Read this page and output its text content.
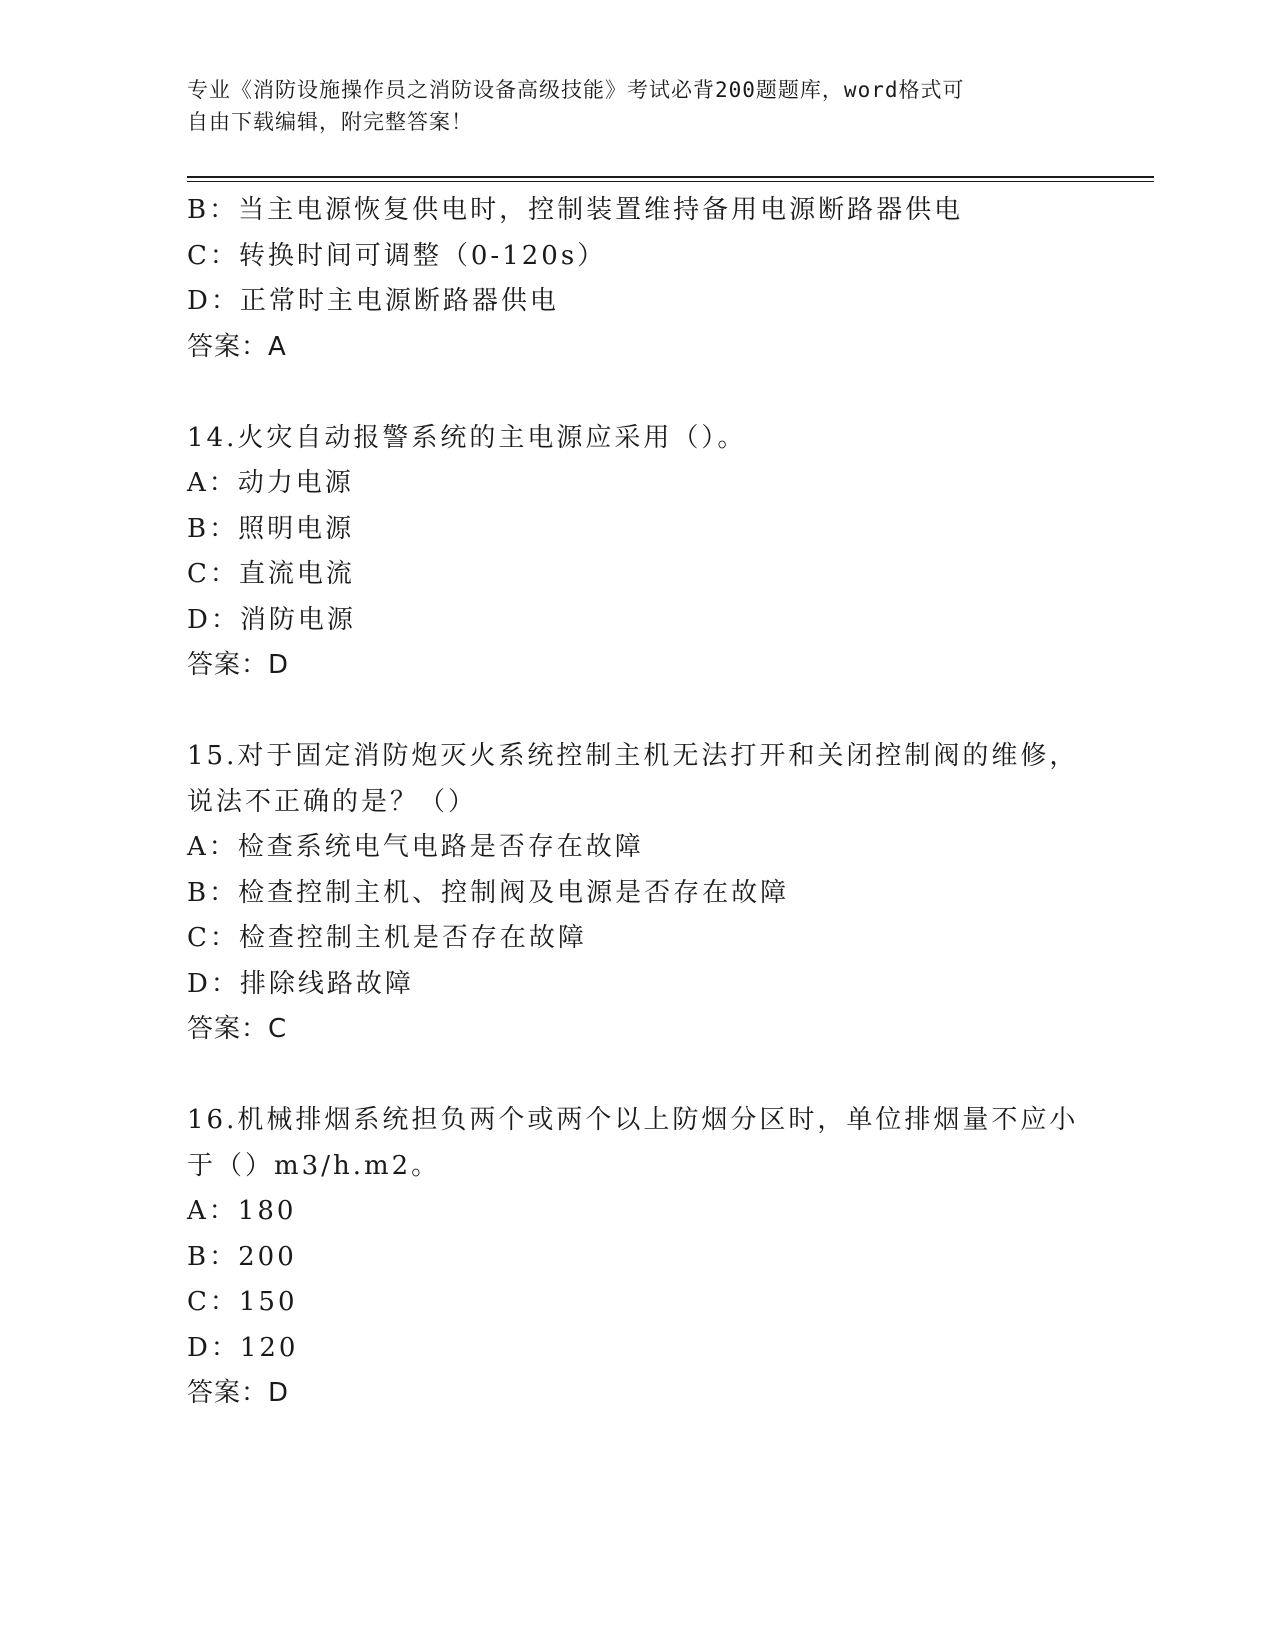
专业《消防设施操作员之消防设备高级技能》考试必背200题题库，word格式可
自由下载编辑，附完整答案！
B：当主电源恢复供电时，控制装置维持备用电源断路器供电
C：转换时间可调整（0-120s）
D：正常时主电源断路器供电
答案：A
14.火灾自动报警系统的主电源应采用（）。
A：动力电源
B：照明电源
C：直流电流
D：消防电源
答案：D
15.对于固定消防炮灭火系统控制主机无法打开和关闭控制阀的维修，
说法不正确的是？（）
A：检查系统电气电路是否存在故障
B：检查控制主机、控制阀及电源是否存在故障
C：检查控制主机是否存在故障
D：排除线路故障
答案：C
16.机械排烟系统担负两个或两个以上防烟分区时，单位排烟量不应小
于（）m3/h.m2。
A：180
B：200
C：150
D：120
答案：D
